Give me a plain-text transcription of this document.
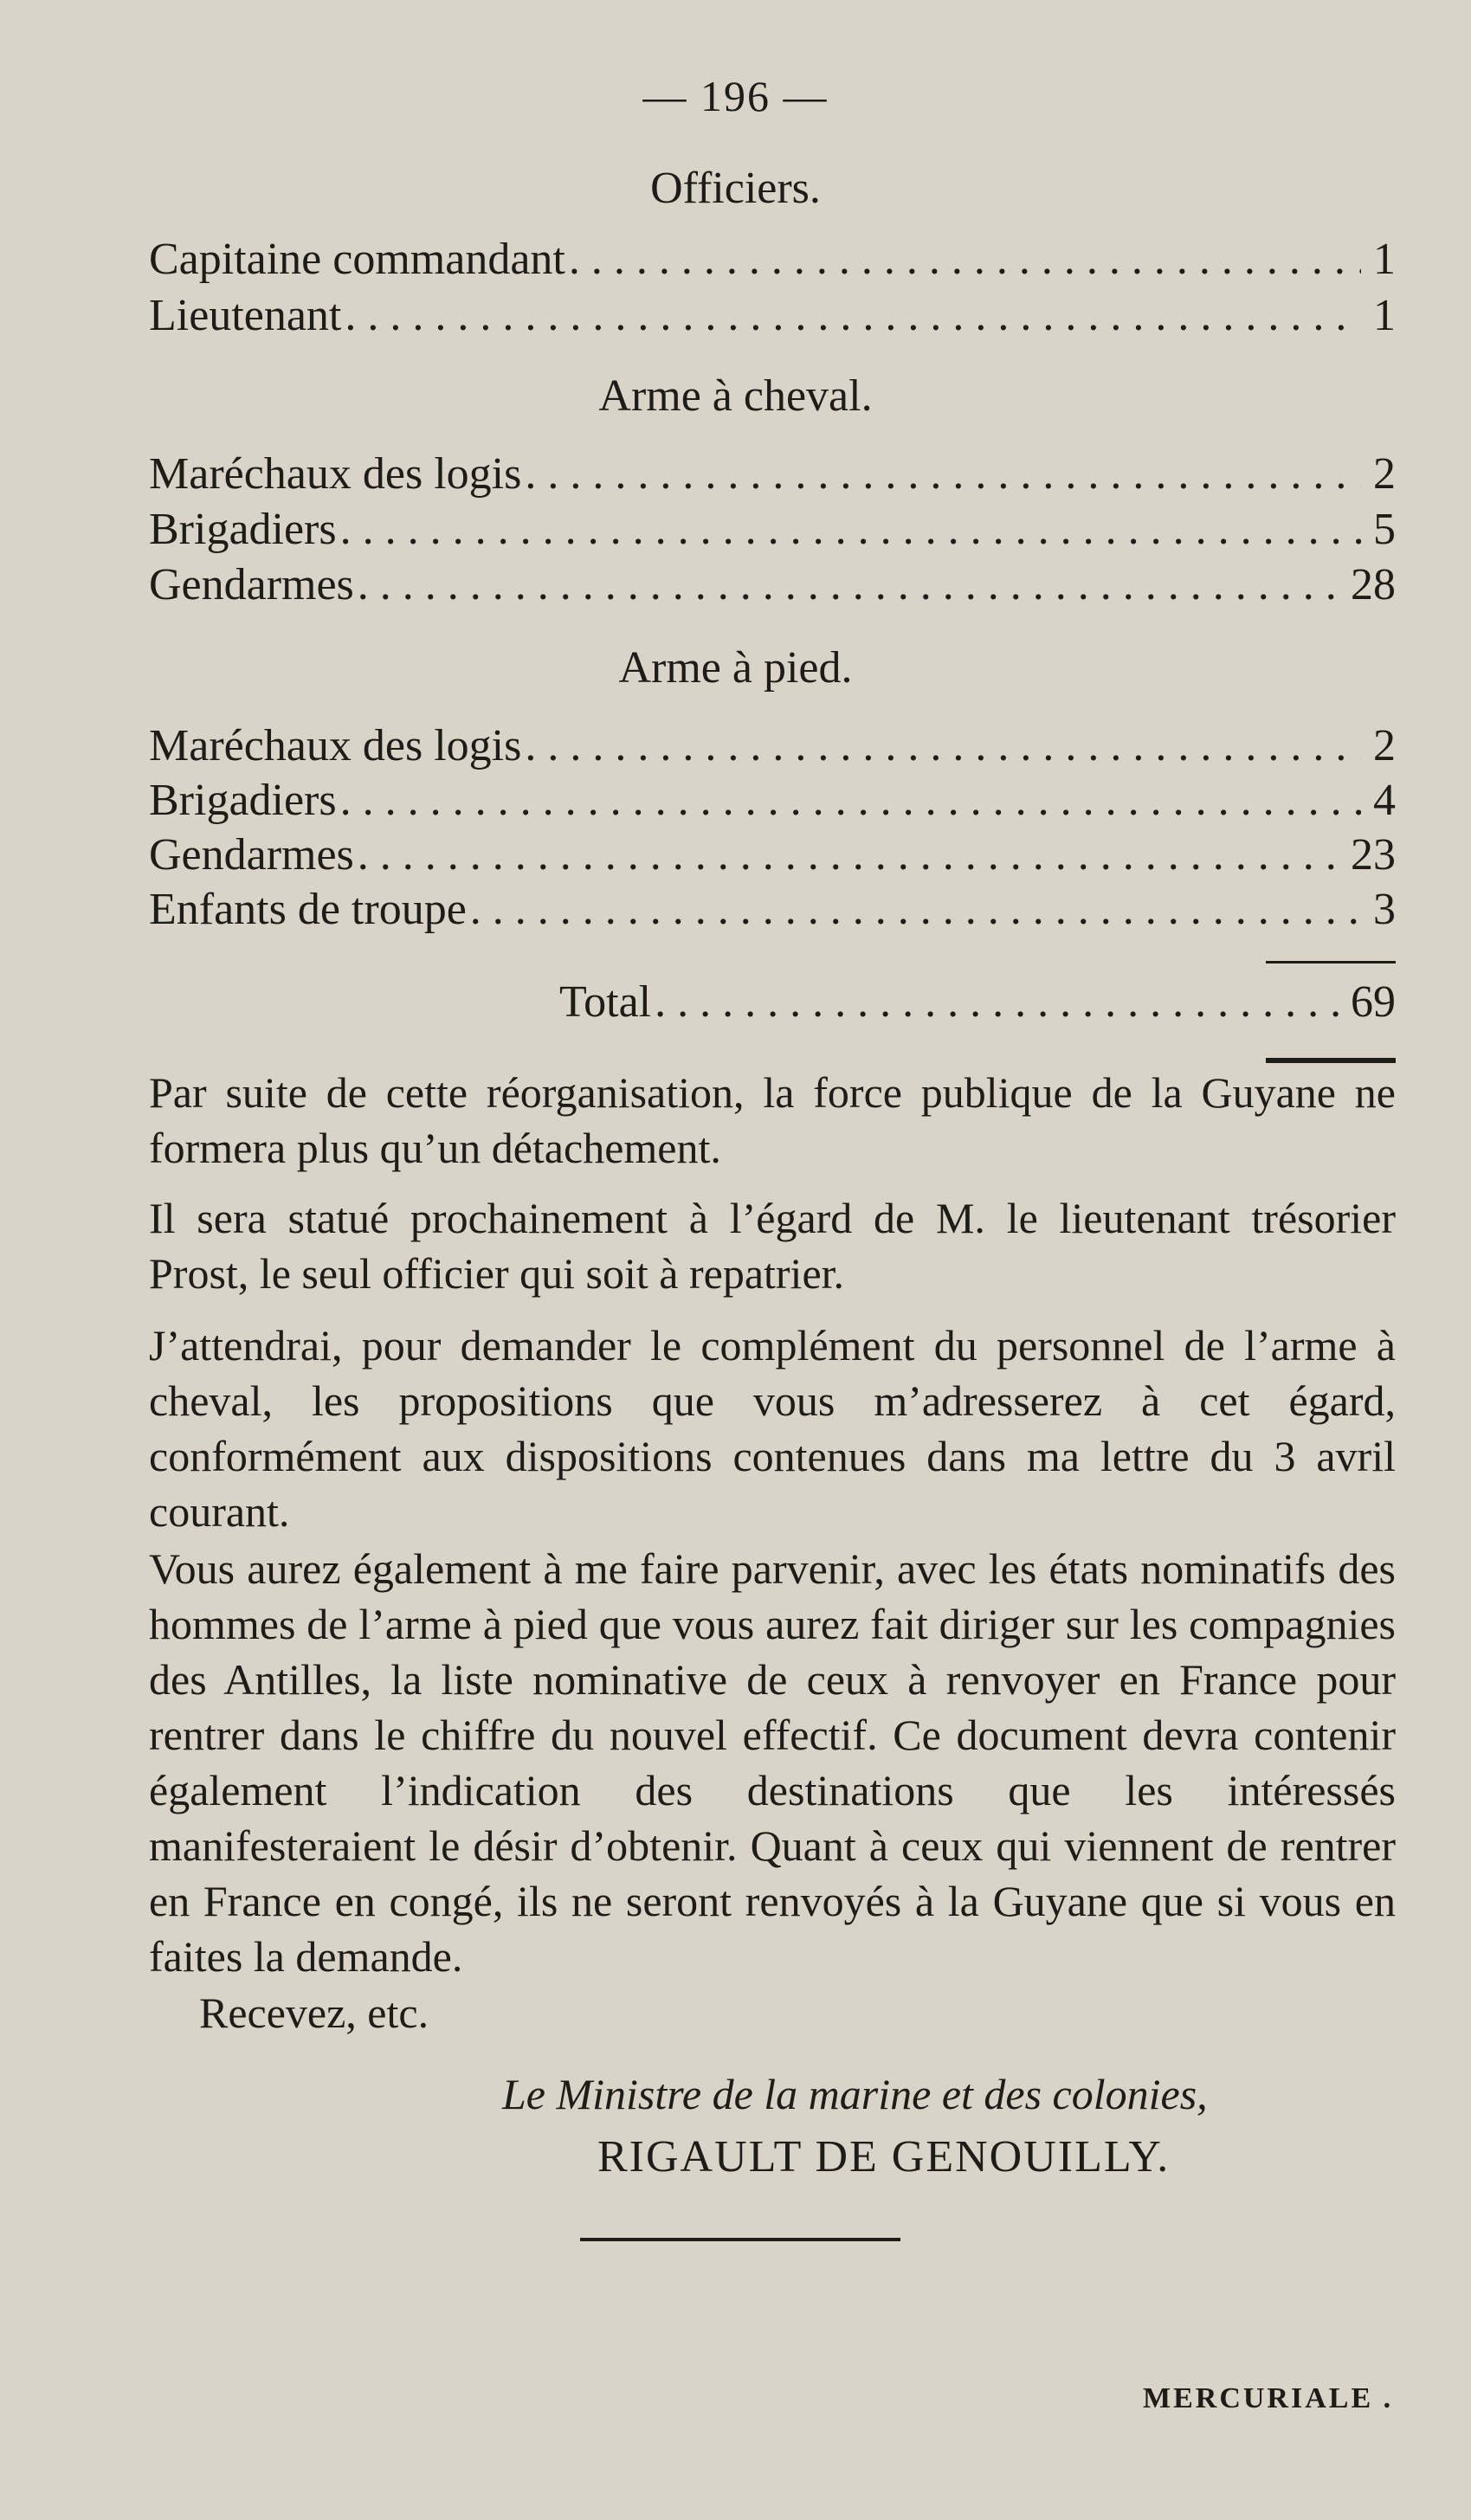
— 196 —
Officiers.
Capitaine commandant . . .	1
Lieutenant . . .	1
Arme à cheval.
Maréchaux des logis . . .	2
Brigadiers . . .	5
Gendarmes . . .	28
Arme à pied.
Maréchaux des logis . . .	2
Brigadiers . . .	4
Gendarmes . . .	23
Enfants de troupe . . .	3
Total . . .	69

Par suite de cette réorganisation, la force publique de la Guyane ne formera plus qu’un détachement.

Il sera statué prochainement à l’égard de M. le lieutenant trésorier Prost, le seul officier qui soit à repatrier.

J’attendrai, pour demander le complément du personnel de l’arme à cheval, les propositions que vous m’adresserez à cet égard, conformément aux dispositions contenues dans ma lettre du 3 avril courant.

Vous aurez également à me faire parvenir, avec les états nominatifs des hommes de l’arme à pied que vous aurez fait diriger sur les compagnies des Antilles, la liste nominative de ceux à renvoyer en France pour rentrer dans le chiffre du nouvel effectif. Ce document devra contenir également l’indication des destinations que les intéressés manifesteraient le désir d’obtenir. Quant à ceux qui viennent de rentrer en France en congé, ils ne seront renvoyés à la Guyane que si vous en faites la demande.

Recevez, etc.
Le Ministre de la marine et des colonies,
RIGAULT DE GENOUILLY.
MERCURIALE .
